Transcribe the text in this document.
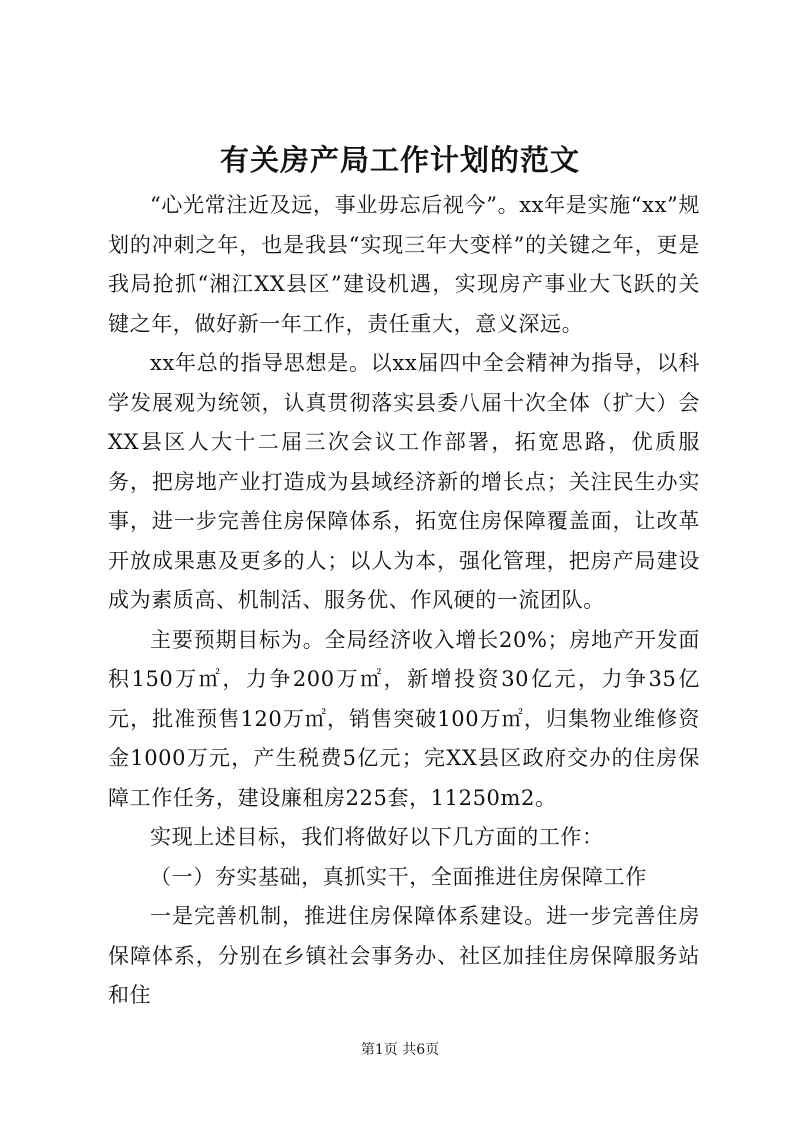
有关房产局工作计划的范文

“心光常注近及远，事业毋忘后视今”。xx年是实施“xx”规划的冲刺之年，也是我县“实现三年大变样”的关键之年，更是我局抢抓“湘江XX县区”建设机遇，实现房产事业大飞跃的关键之年，做好新一年工作，责任重大，意义深远。

xx年总的指导思想是。以xx届四中全会精神为指导，以科学发展观为统领，认真贯彻落实县委八届十次全体（扩大）会XX县区人大十二届三次会议工作部署，拓宽思路，优质服务，把房地产业打造成为县域经济新的增长点；关注民生办实事，进一步完善住房保障体系，拓宽住房保障覆盖面，让改革开放成果惠及更多的人；以人为本，强化管理，把房产局建设成为素质高、机制活、服务优、作风硬的一流团队。

主要预期目标为。全局经济收入增长20%；房地产开发面积150万㎡，力争200万㎡，新增投资30亿元，力争35亿元，批准预售120万㎡，销售突破100万㎡，归集物业维修资金1000万元，产生税费5亿元；完XX县区政府交办的住房保障工作任务，建设廉租房225套，11250m2。

实现上述目标，我们将做好以下几方面的工作：

（一）夯实基础，真抓实干，全面推进住房保障工作

一是完善机制，推进住房保障体系建设。进一步完善住房保障体系，分别在乡镇社会事务办、社区加挂住房保障服务站和住

第1页 共6页
